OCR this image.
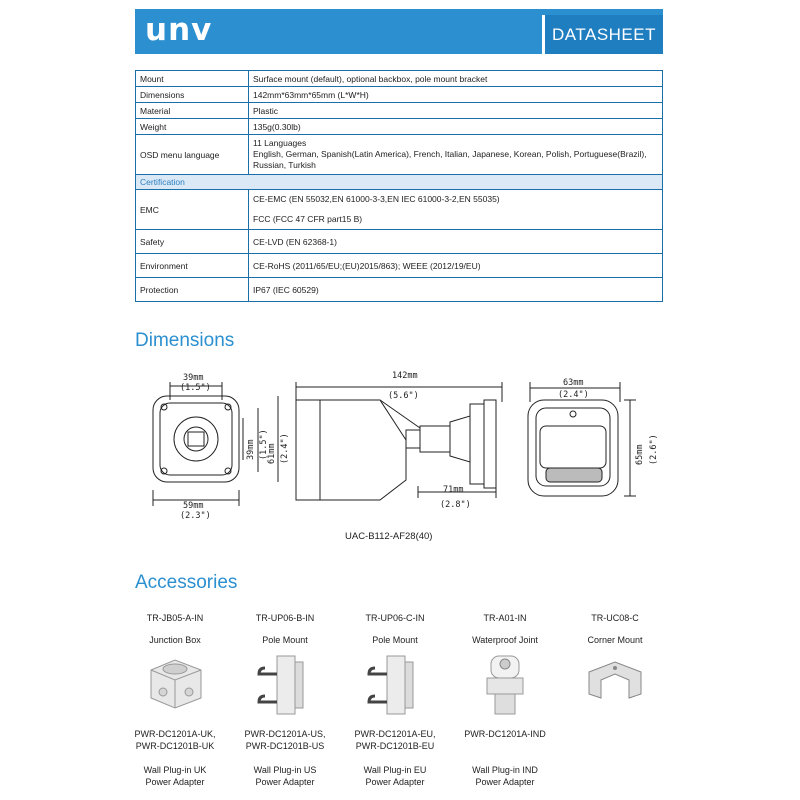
unv	DATASHEET
Mount	Surface mount (default), optional backbox, pole mount bracket
Dimensions	142mm*63mm*65mm (L*W*H)
Material	Plastic
Weight	135g(0.30lb)
OSD menu language	11 Languages

English, German, Spanish(Latin America), French, Italian, Japanese, Korean, Polish, Portuguese(Brazil),

Russian, Turkish

Certification	
EMC	CE-EMC (EN 55032,EN 61000-3-3,EN IEC 61000-3-2,EN 55035)

FCC (FCC 47 CFR part15 B)

Safety	CE-LVD (EN 62368-1)
Environment	CE-RoHS (2011/65/EU;(EU)2015/863); WEEE (2012/19/EU)
Protection	IP67 (IEC 60529)
Dimensions
39mm
(1.5")
59mm
(2.3")
39mm (1.5")
61mm (2.4")
142mm
(5.6")
71mm
(2.8")
63mm
(2.4")
65mm (2.6")
UAC-B112-AF28(40)
Accessories
TR-JB05-A-IN
Junction Box
PWR-DC1201A-UK,
PWR-DC1201B-UK
Wall Plug-in UK
Power Adapter
TR-UP06-B-IN
Pole Mount
PWR-DC1201A-US,
PWR-DC1201B-US
Wall Plug-in US
Power Adapter
TR-UP06-C-IN
Pole Mount
PWR-DC1201A-EU,
PWR-DC1201B-EU
Wall Plug-in EU
Power Adapter
TR-A01-IN
Waterproof Joint
PWR-DC1201A-IND
Wall Plug-in IND
Power Adapter
TR-UC08-C
Corner Mount
